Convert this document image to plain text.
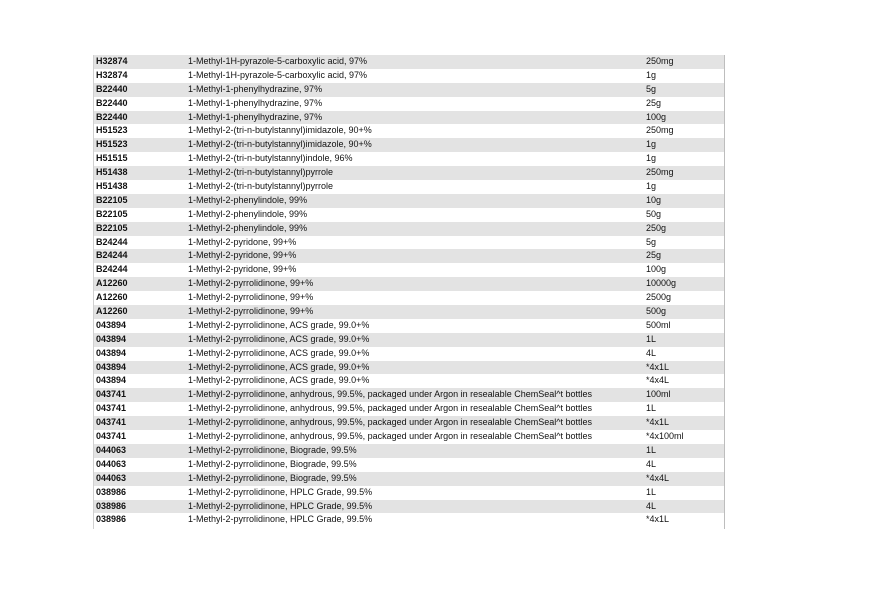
H32874	1-Methyl-1H-pyrazole-5-carboxylic acid, 97%	250mg
H32874	1-Methyl-1H-pyrazole-5-carboxylic acid, 97%	1g
B22440	1-Methyl-1-phenylhydrazine, 97%	5g
B22440	1-Methyl-1-phenylhydrazine, 97%	25g
B22440	1-Methyl-1-phenylhydrazine, 97%	100g
H51523	1-Methyl-2-(tri-n-butylstannyl)imidazole, 90+%	250mg
H51523	1-Methyl-2-(tri-n-butylstannyl)imidazole, 90+%	1g
H51515	1-Methyl-2-(tri-n-butylstannyl)indole, 96%	1g
H51438	1-Methyl-2-(tri-n-butylstannyl)pyrrole	250mg
H51438	1-Methyl-2-(tri-n-butylstannyl)pyrrole	1g
B22105	1-Methyl-2-phenylindole, 99%	10g
B22105	1-Methyl-2-phenylindole, 99%	50g
B22105	1-Methyl-2-phenylindole, 99%	250g
B24244	1-Methyl-2-pyridone, 99+%	5g
B24244	1-Methyl-2-pyridone, 99+%	25g
B24244	1-Methyl-2-pyridone, 99+%	100g
A12260	1-Methyl-2-pyrrolidinone, 99+%	10000g
A12260	1-Methyl-2-pyrrolidinone, 99+%	2500g
A12260	1-Methyl-2-pyrrolidinone, 99+%	500g
043894	1-Methyl-2-pyrrolidinone, ACS grade, 99.0+%	500ml
043894	1-Methyl-2-pyrrolidinone, ACS grade, 99.0+%	1L
043894	1-Methyl-2-pyrrolidinone, ACS grade, 99.0+%	4L
043894	1-Methyl-2-pyrrolidinone, ACS grade, 99.0+%	*4x1L
043894	1-Methyl-2-pyrrolidinone, ACS grade, 99.0+%	*4x4L
043741	1-Methyl-2-pyrrolidinone, anhydrous, 99.5%, packaged under Argon in resealable ChemSeal^t bottles	100ml
043741	1-Methyl-2-pyrrolidinone, anhydrous, 99.5%, packaged under Argon in resealable ChemSeal^t bottles	1L
043741	1-Methyl-2-pyrrolidinone, anhydrous, 99.5%, packaged under Argon in resealable ChemSeal^t bottles	*4x1L
043741	1-Methyl-2-pyrrolidinone, anhydrous, 99.5%, packaged under Argon in resealable ChemSeal^t bottles	*4x100ml
044063	1-Methyl-2-pyrrolidinone, Biograde, 99.5%	1L
044063	1-Methyl-2-pyrrolidinone, Biograde, 99.5%	4L
044063	1-Methyl-2-pyrrolidinone, Biograde, 99.5%	*4x4L
038986	1-Methyl-2-pyrrolidinone, HPLC Grade, 99.5%	1L
038986	1-Methyl-2-pyrrolidinone, HPLC Grade, 99.5%	4L
038986	1-Methyl-2-pyrrolidinone, HPLC Grade, 99.5%	*4x1L
